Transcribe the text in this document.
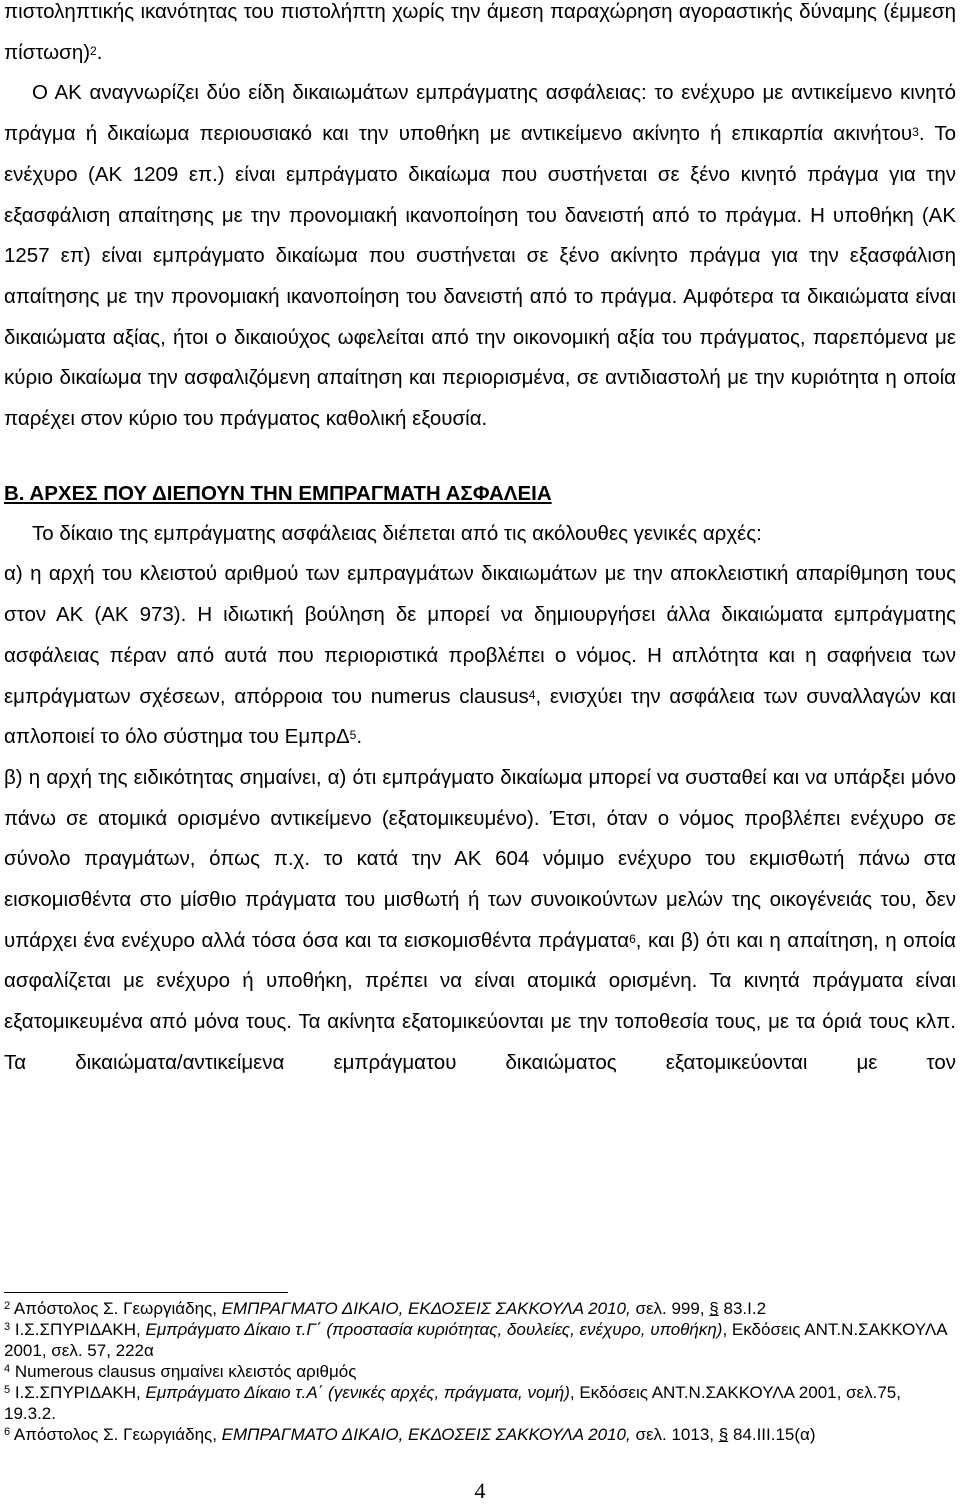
πιστοληπτικής ικανότητας του πιστολήπτη χωρίς την άμεση παραχώρηση αγοραστικής δύναμης (έμμεση πίστωση)$^2$.

Ο ΑΚ αναγνωρίζει δύο είδη δικαιωμάτων εμπράγματης ασφάλειας: το ενέχυρο με αντικείμενο κινητό πράγμα ή δικαίωμα περιουσιακό και την υποθήκη με αντικείμενο ακίνητο ή επικαρπία ακινήτου$^3$. Το ενέχυρο (ΑΚ 1209 επ.) είναι εμπράγματο δικαίωμα που συστήνεται σε ξένο κινητό πράγμα για την εξασφάλιση απαίτησης με την προνομιακή ικανοποίηση του δανειστή από το πράγμα. Η υποθήκη (ΑΚ 1257 επ) είναι εμπράγματο δικαίωμα που συστήνεται σε ξένο ακίνητο πράγμα για την εξασφάλιση απαίτησης με την προνομιακή ικανοποίηση του δανειστή από το πράγμα. Αμφότερα τα δικαιώματα είναι δικαιώματα αξίας, ήτοι ο δικαιούχος ωφελείται από την οικονομική αξία του πράγματος, παρεπόμενα με κύριο δικαίωμα την ασφαλιζόμενη απαίτηση και περιορισμένα, σε αντιδιαστολή με την κυριότητα η οποία παρέχει στον κύριο του πράγματος καθολική εξουσία.

Β. ΑΡΧΕΣ ΠΟΥ ΔΙΕΠΟΥΝ ΤΗΝ ΕΜΠΡΑΓΜΑΤΗ ΑΣΦΑΛΕΙΑ

Το δίκαιο της εμπράγματης ασφάλειας διέπεται από τις ακόλουθες γενικές αρχές:

α) η αρχή του κλειστού αριθμού των εμπραγμάτων δικαιωμάτων με την αποκλειστική απαρίθμηση τους στον ΑΚ (ΑΚ 973). Η ιδιωτική βούληση δε μπορεί να δημιουργήσει άλλα δικαιώματα εμπράγματης ασφάλειας πέραν από αυτά που περιοριστικά προβλέπει ο νόμος. Η απλότητα και η σαφήνεια των εμπράγματων σχέσεων, απόρροια του numerus clausus$^4$, ενισχύει την ασφάλεια των συναλλαγών και απλοποιεί το όλο σύστημα του ΕμπρΔ$^5$.

β) η αρχή της ειδικότητας σημαίνει, α) ότι εμπράγματο δικαίωμα μπορεί να συσταθεί και να υπάρξει μόνο πάνω σε ατομικά ορισμένο αντικείμενο (εξατομικευμένο). Έτσι, όταν ο νόμος προβλέπει ενέχυρο σε σύνολο πραγμάτων, όπως π.χ. το κατά την ΑΚ 604 νόμιμο ενέχυρο του εκμισθωτή πάνω στα εισκομισθέντα στο μίσθιο πράγματα του μισθωτή ή των συνοικούντων μελών της οικογένειάς του, δεν υπάρχει ένα ενέχυρο αλλά τόσα όσα και τα εισκομισθέντα πράγματα$^6$, και β) ότι και η απαίτηση, η οποία ασφαλίζεται με ενέχυρο ή υποθήκη, πρέπει να είναι ατομικά ορισμένη. Τα κινητά πράγματα είναι εξατομικευμένα από μόνα τους. Τα ακίνητα εξατομικεύονται με την τοποθεσία τους, με τα όριά τους κλπ. Τα δικαιώματα/αντικείμενα εμπράγματου δικαιώματος εξατομικεύονται με τον

$^2$ Απόστολος Σ. Γεωργιάδης, ΕΜΠΡΑΓΜΑΤΟ ΔΙΚΑΙΟ, ΕΚΔΟΣΕΙΣ ΣΑΚΚΟΥΛΑ 2010, σελ. 999, § 83.Ι.2

$^3$ Ι.Σ.ΣΠΥΡΙΔΑΚΗ, Εμπράγματο Δίκαιο τ.Γ΄ (προστασία κυριότητας, δουλείες, ενέχυρο, υποθήκη), Εκδόσεις ΑΝΤ.Ν.ΣΑΚΚΟΥΛΑ 2001, σελ. 57, 222α

$^4$ Numerous clausus σημαίνει κλειστός αριθμός

$^5$ Ι.Σ.ΣΠΥΡΙΔΑΚΗ, Εμπράγματο Δίκαιο τ.Α΄ (γενικές αρχές, πράγματα, νομή), Εκδόσεις ΑΝΤ.Ν.ΣΑΚΚΟΥΛΑ 2001, σελ.75, 19.3.2.

$^6$ Απόστολος Σ. Γεωργιάδης, ΕΜΠΡΑΓΜΑΤΟ ΔΙΚΑΙΟ, ΕΚΔΟΣΕΙΣ ΣΑΚΚΟΥΛΑ 2010, σελ. 1013, § 84.ΙΙΙ.15(α)

4
